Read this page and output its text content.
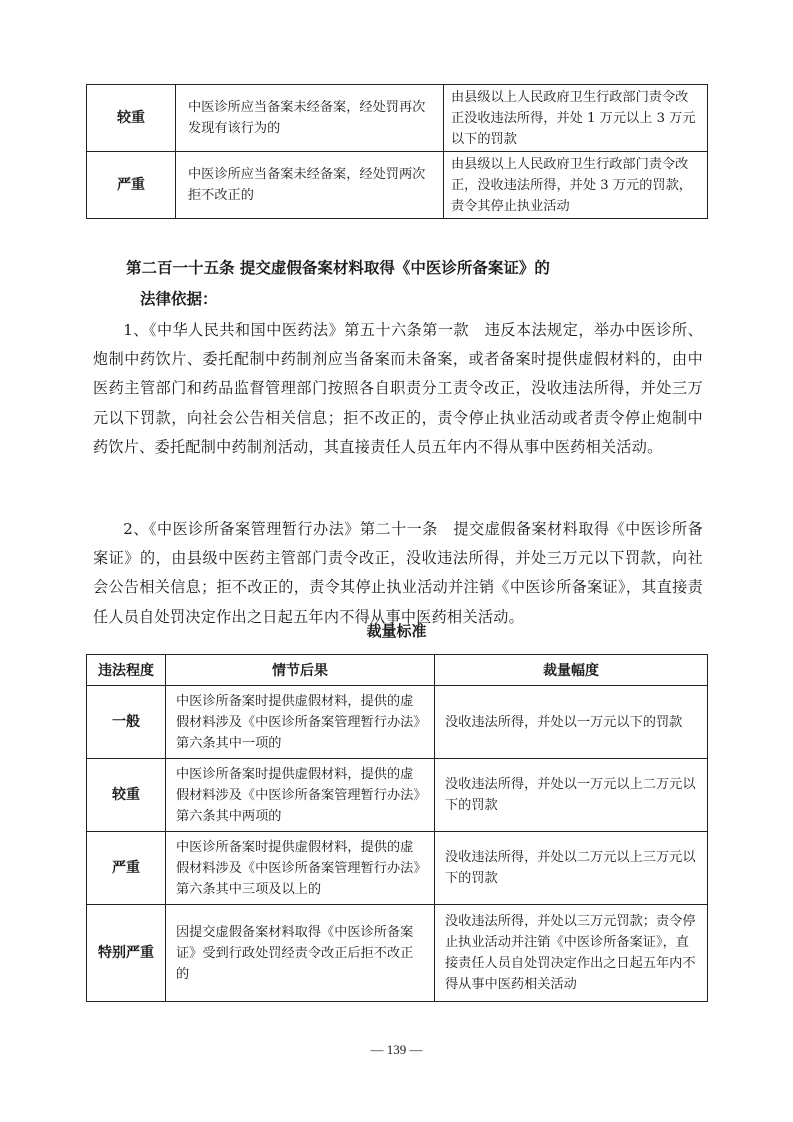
较重	中医诊所应当备案未经备案，经处罚再次发现有该行为的	由县级以上人民政府卫生行政部门责令改正没收违法所得，并处 1 万元以上 3 万元以下的罚款
严重	中医诊所应当备案未经备案，经处罚两次拒不改正的	由县级以上人民政府卫生行政部门责令改正，没收违法所得，并处 3 万元的罚款，责令其停止执业活动
第二百一十五条 提交虚假备案材料取得《中医诊所备案证》的
法律依据：
1、《中华人民共和国中医药法》第五十六条第一款　违反本法规定，举办中医诊所、炮制中药饮片、委托配制中药制剂应当备案而未备案，或者备案时提供虚假材料的，由中医药主管部门和药品监督管理部门按照各自职责分工责令改正，没收违法所得，并处三万元以下罚款，向社会公告相关信息；拒不改正的，责令停止执业活动或者责令停止炮制中药饮片、委托配制中药制剂活动，其直接责任人员五年内不得从事中医药相关活动。
2、《中医诊所备案管理暂行办法》第二十一条　提交虚假备案材料取得《中医诊所备案证》的，由县级中医药主管部门责令改正，没收违法所得，并处三万元以下罚款，向社会公告相关信息；拒不改正的，责令其停止执业活动并注销《中医诊所备案证》，其直接责任人员自处罚决定作出之日起五年内不得从事中医药相关活动。
裁量标准
违法程度	情节后果	裁量幅度
一般	中医诊所备案时提供虚假材料，提供的虚假材料涉及《中医诊所备案管理暂行办法》第六条其中一项的	没收违法所得，并处以一万元以下的罚款
较重	中医诊所备案时提供虚假材料，提供的虚假材料涉及《中医诊所备案管理暂行办法》第六条其中两项的	没收违法所得，并处以一万元以上二万元以下的罚款
严重	中医诊所备案时提供虚假材料，提供的虚假材料涉及《中医诊所备案管理暂行办法》第六条其中三项及以上的	没收违法所得，并处以二万元以上三万元以下的罚款
特别严重	因提交虚假备案材料取得《中医诊所备案证》受到行政处罚经责令改正后拒不改正的	没收违法所得，并处以三万元罚款；责令停止执业活动并注销《中医诊所备案证》，直接责任人员自处罚决定作出之日起五年内不得从事中医药相关活动
— 139 —
